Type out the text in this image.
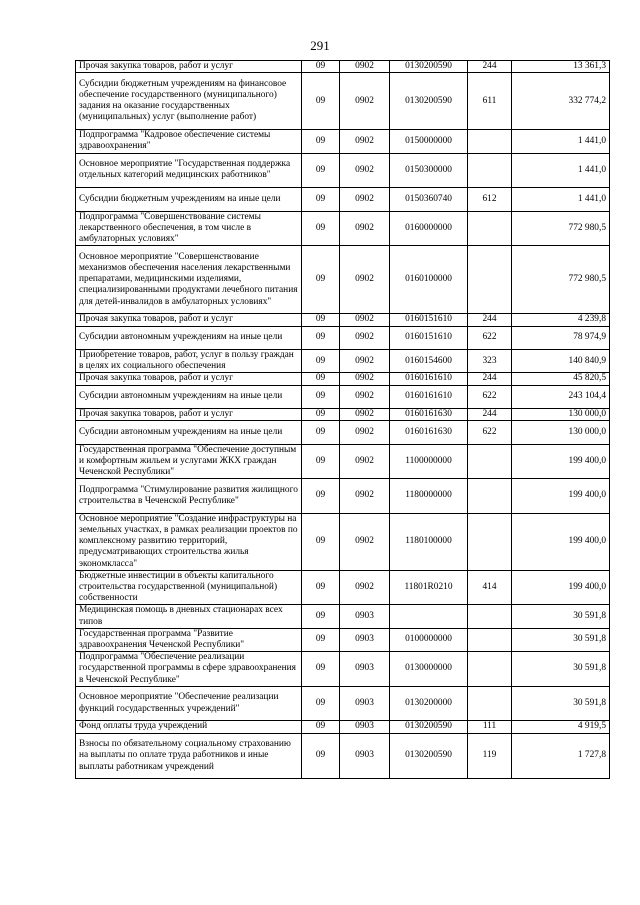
291
Прочая закупка товаров, работ и услуг	09	0902	0130200590	244	13 361,3
Субсидии бюджетным учреждениям на финансовое обеспечение государственного (муниципального) задания на оказание государственных (муниципальных) услуг (выполнение работ)	09	0902	0130200590	611	332 774,2
Подпрограмма "Кадровое обеспечение системы здравоохранения"	09	0902	0150000000		1 441,0
Основное мероприятие "Государственная поддержка отдельных категорий медицинских работников"	09	0902	0150300000		1 441,0
Субсидии бюджетным учреждениям на иные цели	09	0902	0150360740	612	1 441,0
Подпрограмма "Совершенствование системы лекарственного обеспечения, в том числе в амбулаторных условиях"	09	0902	0160000000		772 980,5
Основное мероприятие "Совершенствование механизмов обеспечения населения лекарственными препаратами, медицинскими изделиями, специализированными продуктами лечебного питания для детей-инвалидов в амбулаторных условиях"	09	0902	0160100000		772 980,5
Прочая закупка товаров, работ и услуг	09	0902	0160151610	244	4 239,8
Субсидии автономным учреждениям на иные цели	09	0902	0160151610	622	78 974,9
Приобретение товаров, работ, услуг в пользу граждан в целях их социального обеспечения	09	0902	0160154600	323	140 840,9
Прочая закупка товаров, работ и услуг	09	0902	0160161610	244	45 820,5
Субсидии автономным учреждениям на иные цели	09	0902	0160161610	622	243 104,4
Прочая закупка товаров, работ и услуг	09	0902	0160161630	244	130 000,0
Субсидии автономным учреждениям на иные цели	09	0902	0160161630	622	130 000,0
Государственная программа "Обеспечение доступным и комфортным жильем и услугами ЖКХ граждан Чеченской Республики"	09	0902	1100000000		199 400,0
Подпрограмма "Стимулирование развития жилищного строительства в Чеченской Республике"	09	0902	1180000000		199 400,0
Основное мероприятие "Создание инфраструктуры на земельных участках, в рамках реализации проектов по комплексному развитию территорий, предусматривающих строительства жилья экономкласса"	09	0902	1180100000		199 400,0
Бюджетные инвестиции в объекты капитального строительства государственной (муниципальной) собственности	09	0902	11801R0210	414	199 400,0
Медицинская помощь в дневных стационарах всех типов	09	0903			30 591,8
Государственная программа "Развитие здравоохранения Чеченской Республики"	09	0903	0100000000		30 591,8
Подпрограмма "Обеспечение реализации государственной программы в сфере здравоохранения в Чеченской Республике"	09	0903	0130000000		30 591,8
Основное мероприятие "Обеспечение реализации функций государственных учреждений"	09	0903	0130200000		30 591,8
Фонд оплаты труда учреждений	09	0903	0130200590	111	4 919,5
Взносы по обязательному социальному страхованию на выплаты по оплате труда работников и иные выплаты работникам учреждений	09	0903	0130200590	119	1 727,8
